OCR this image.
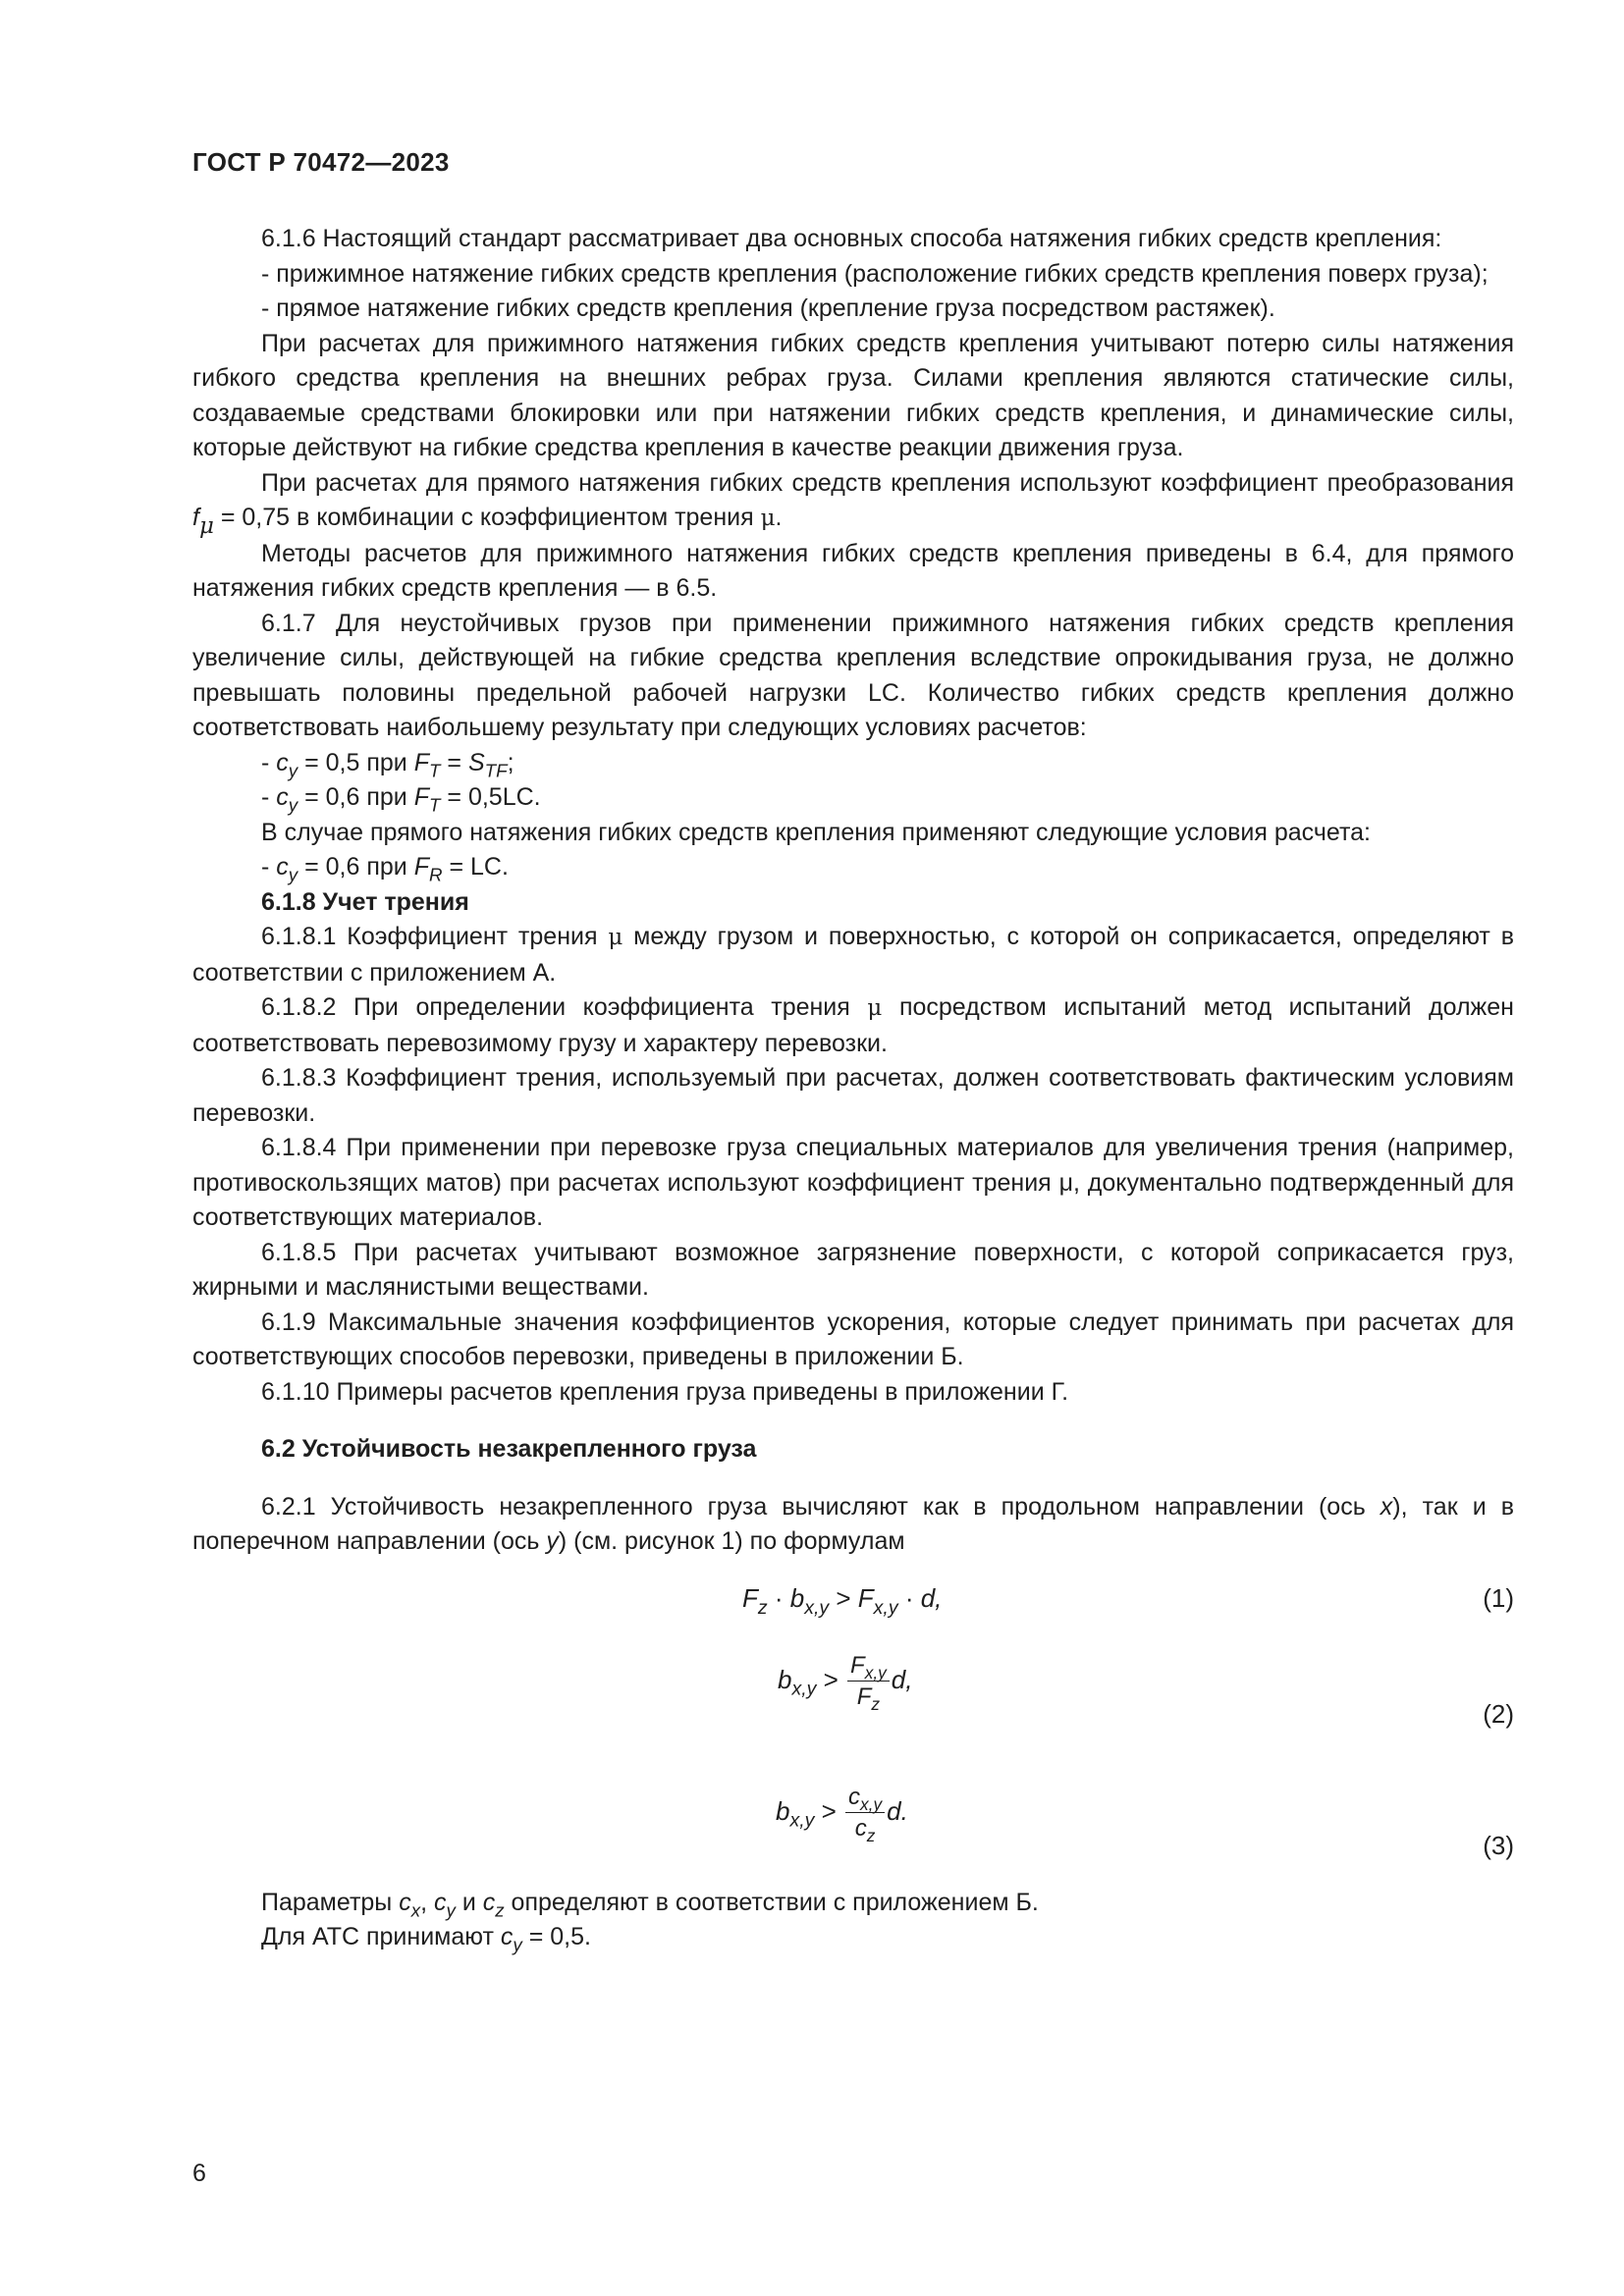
ГОСТ Р 70472—2023

6.1.6 Настоящий стандарт рассматривает два основных способа натяжения гибких средств крепления:

- прижимное натяжение гибких средств крепления (расположение гибких средств крепления поверх груза);

- прямое натяжение гибких средств крепления (крепление груза посредством растяжек).

При расчетах для прижимного натяжения гибких средств крепления учитывают потерю силы натяжения гибкого средства крепления на внешних ребрах груза. Силами крепления являются статические силы, создаваемые средствами блокировки или при натяжении гибких средств крепления, и динамические силы, которые действуют на гибкие средства крепления в качестве реакции движения груза.

При расчетах для прямого натяжения гибких средств крепления используют коэффициент преобразования $f_\mu = 0,75$ в комбинации с коэффициентом трения μ.

Методы расчетов для прижимного натяжения гибких средств крепления приведены в 6.4, для прямого натяжения гибких средств крепления — в 6.5.

6.1.7 Для неустойчивых грузов при применении прижимного натяжения гибких средств крепления увеличение силы, действующей на гибкие средства крепления вследствие опрокидывания груза, не должно превышать половины предельной рабочей нагрузки LC. Количество гибких средств крепления должно соответствовать наибольшему результату при следующих условиях расчетов:

- $c_y = 0,5$ при $F_T = S_{TF}$;

- $c_y = 0,6$ при $F_T = 0,5LC$.

В случае прямого натяжения гибких средств крепления применяют следующие условия расчета:

- $c_y = 0,6$ при $F_R$ = LC.

6.1.8 Учет трения

6.1.8.1 Коэффициент трения μ между грузом и поверхностью, с которой он соприкасается, определяют в соответствии с приложением А.

6.1.8.2 При определении коэффициента трения μ посредством испытаний метод испытаний должен соответствовать перевозимому грузу и характеру перевозки.

6.1.8.3 Коэффициент трения, используемый при расчетах, должен соответствовать фактическим условиям перевозки.

6.1.8.4 При применении при перевозке груза специальных материалов для увеличения трения (например, противоскользящих матов) при расчетах используют коэффициент трения μ, документально подтвержденный для соответствующих материалов.

6.1.8.5 При расчетах учитывают возможное загрязнение поверхности, с которой соприкасается груз, жирными и маслянистыми веществами.

6.1.9 Максимальные значения коэффициентов ускорения, которые следует принимать при расчетах для соответствующих способов перевозки, приведены в приложении Б.

6.1.10 Примеры расчетов крепления груза приведены в приложении Г.

6.2 Устойчивость незакрепленного груза

6.2.1 Устойчивость незакрепленного груза вычисляют как в продольном направлении (ось x), так и в поперечном направлении (ось y) (см. рисунок 1) по формулам

$F_z \cdot b_{x,y} > F_{x,y} \cdot d$,	(1)
$b_{x,y} > \frac{F_{x,y}}{F_z} d$,
(2)
$b_{x,y} > \frac{c_{x,y}}{c_z} d$.
(3)

Параметры $c_x$, $c_y$ и $c_z$ определяют в соответствии с приложением Б.

Для АТС принимают $c_y = 0,5$.

6
